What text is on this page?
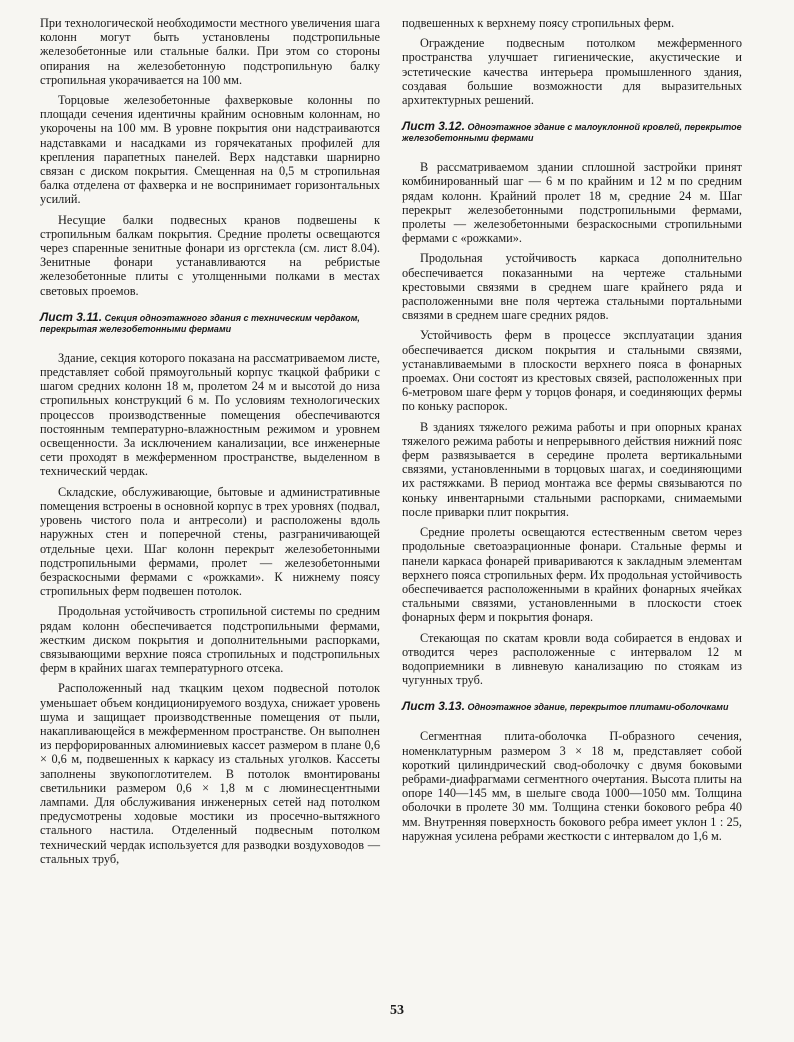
При технологической необходимости местного увеличения шага колонн могут быть установлены подстропильные железобетонные или стальные балки. При этом со стороны опирания на железобетонную подстропильную балку стропильная укорачивается на 100 мм.

Торцовые железобетонные фахверковые колонны по площади сечения идентичны крайним основным колоннам, но укорочены на 100 мм. В уровне покрытия они надстраиваются надставками и насадками из горячекатаных профилей для крепления парапетных панелей. Верх надставки шарнирно связан с диском покрытия. Смещенная на 0,5 м стропильная балка отделена от фахверка и не воспринимает горизонтальных усилий.

Несущие балки подвесных кранов подвешены к стропильным балкам покрытия. Средние пролеты освещаются через спаренные зенитные фонари из оргстекла (см. лист 8.04). Зенитные фонари устанавливаются на ребристые железобетонные плиты с утолщенными полками в местах световых проемов.

Лист 3.11. Секция одноэтажного здания с техническим чердаком, перекрытая железобетонными фермами

Здание, секция которого показана на рассматриваемом листе, представляет собой прямоугольный корпус ткацкой фабрики с шагом средних колонн 18 м, пролетом 24 м и высотой до низа стропильных конструкций 6 м. По условиям технологических процессов производственные помещения обеспечиваются постоянным температурно-влажностным режимом и уровнем освещенности. За исключением канализации, все инженерные сети проходят в межферменном пространстве, выделенном в технический чердак.

Складские, обслуживающие, бытовые и административные помещения встроены в основной корпус в трех уровнях (подвал, уровень чистого пола и антресоли) и расположены вдоль наружных стен и поперечной стены, разграничивающей отдельные цехи. Шаг колонн перекрыт железобетонными подстропильными фермами, пролет — железобетонными безраскосными фермами с «рожками». К нижнему поясу стропильных ферм подвешен потолок.

Продольная устойчивость стропильной системы по средним рядам колонн обеспечивается подстропильными фермами, жестким диском покрытия и дополнительными распорками, связывающими верхние пояса стропильных и подстропильных ферм в крайних шагах температурного отсека.

Расположенный над ткацким цехом подвесной потолок уменьшает объем кондиционируемого воздуха, снижает уровень шума и защищает производственные помещения от пыли, накапливающейся в межферменном пространстве. Он выполнен из перфорированных алюминиевых кассет размером в плане 0,6 × 0,6 м, подвешенных к каркасу из стальных уголков. Кассеты заполнены звукопоглотителем. В потолок вмонтированы светильники размером 0,6 × 1,8 м с люминесцентными лампами. Для обслуживания инженерных сетей над потолком предусмотрены ходовые мостики из просечно-вытяжного стального настила. Отделенный подвесным потолком технический чердак используется для разводки воздуховодов — стальных труб,

подвешенных к верхнему поясу стропильных ферм.

Ограждение подвесным потолком межферменного пространства улучшает гигиенические, акустические и эстетические качества интерьера промышленного здания, создавая большие возможности для выразительных архитектурных решений.

Лист 3.12. Одноэтажное здание с малоуклонной кровлей, перекрытое железобетонными фермами

В рассматриваемом здании сплошной застройки принят комбинированный шаг — 6 м по крайним и 12 м по средним рядам колонн. Крайний пролет 18 м, средние 24 м. Шаг перекрыт железобетонными подстропильными фермами, пролеты — железобетонными безраскосными стропильными фермами с «рожками».

Продольная устойчивость каркаса дополнительно обеспечивается показанными на чертеже стальными крестовыми связями в среднем шаге крайнего ряда и расположенными вне поля чертежа стальными портальными связями в среднем шаге средних рядов.

Устойчивость ферм в процессе эксплуатации здания обеспечивается диском покрытия и стальными связями, устанавливаемыми в плоскости верхнего пояса в фонарных проемах. Они состоят из крестовых связей, расположенных при 6-метровом шаге ферм у торцов фонаря, и соединяющих фермы по коньку распорок.

В зданиях тяжелого режима работы и при опорных кранах тяжелого режима работы и непрерывного действия нижний пояс ферм развязывается в середине пролета вертикальными связями, установленными в торцовых шагах, и соединяющими их растяжками. В период монтажа все фермы связываются по коньку инвентарными стальными распорками, снимаемыми после приварки плит покрытия.

Средние пролеты освещаются естественным светом через продольные светоаэрационные фонари. Стальные фермы и панели каркаса фонарей привариваются к закладным элементам верхнего пояса стропильных ферм. Их продольная устойчивость обеспечивается расположенными в крайних фонарных ячейках стальными связями, установленными в плоскости стоек фонарных ферм и покрытия фонаря.

Стекающая по скатам кровли вода собирается в ендовах и отводится через расположенные с интервалом 12 м водоприемники в ливневую канализацию по стоякам из чугунных труб.

Лист 3.13. Одноэтажное здание, перекрытое плитами-оболочками

Сегментная плита-оболочка П-образного сечения, номенклатурным размером 3 × 18 м, представляет собой короткий цилиндрический свод-оболочку с двумя боковыми ребрами-диафрагмами сегментного очертания. Высота плиты на опоре 140—145 мм, в шелыге свода 1000—1050 мм. Толщина оболочки в пролете 30 мм. Толщина стенки бокового ребра 40 мм. Внутренняя поверхность бокового ребра имеет уклон 1 : 25, наружная усилена ребрами жесткости с интервалом до 1,6 м.

53
